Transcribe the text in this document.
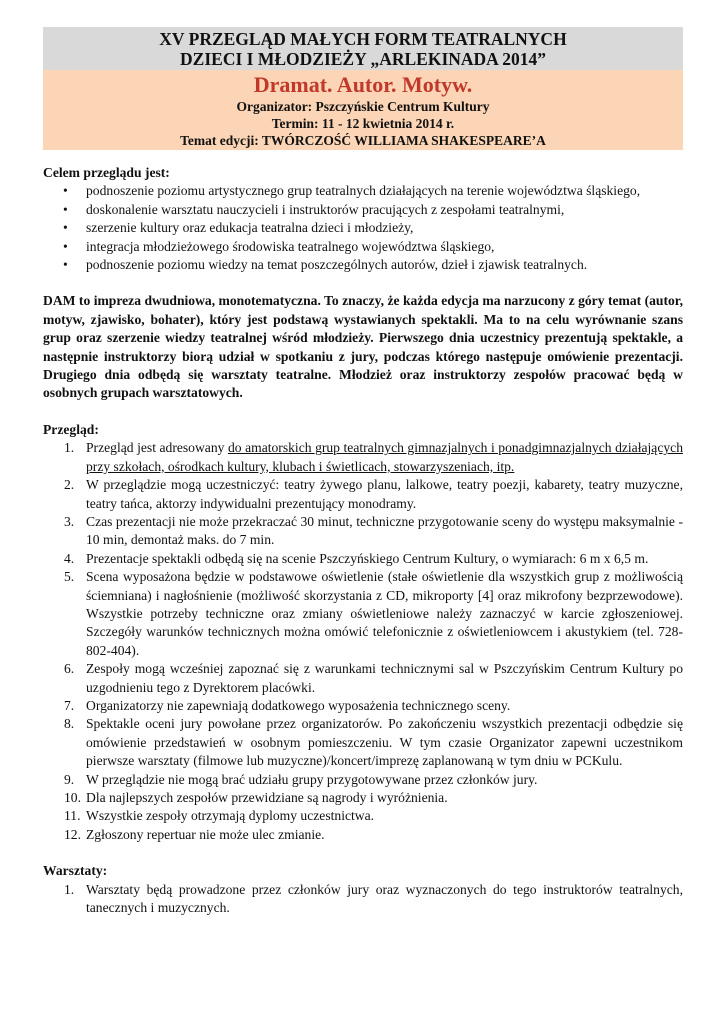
XV PRZEGLĄD MAŁYCH FORM TEATRALNYCH
DZIECI I MŁODZIEŻY „ARLEKINADA 2014”
Dramat. Autor. Motyw.
Organizator: Pszczyńskie Centrum Kultury
Termin: 11 - 12 kwietnia 2014 r.
Temat edycji: TWÓRCZOŚĆ WILLIAMA SHAKESPEARE’A

Celem przeglądu jest:

• podnoszenie poziomu artystycznego grup teatralnych działających na terenie województwa śląskiego,
• doskonalenie warsztatu nauczycieli i instruktorów pracujących z zespołami teatralnymi,
• szerzenie kultury oraz edukacja teatralna dzieci i młodzieży,
• integracja młodzieżowego środowiska teatralnego województwa śląskiego,
• podnoszenie poziomu wiedzy na temat poszczególnych autorów, dzieł i zjawisk teatralnych.

DAM to impreza dwudniowa, monotematyczna. To znaczy, że każda edycja ma narzucony z góry temat (autor, motyw, zjawisko, bohater), który jest podstawą wystawianych spektakli. Ma to na celu wyrównanie szans grup oraz szerzenie wiedzy teatralnej wśród młodzieży. Pierwszego dnia uczestnicy prezentują spektakle, a następnie instruktorzy biorą udział w spotkaniu z jury, podczas którego następuje omówienie prezentacji. Drugiego dnia odbędą się warsztaty teatralne. Młodzież oraz instruktorzy zespołów pracować będą w osobnych grupach warsztatowych.

Przegląd:

1. Przegląd jest adresowany do amatorskich grup teatralnych gimnazjalnych i ponadgimnazjalnych działających przy szkołach, ośrodkach kultury, klubach i świetlicach, stowarzyszeniach, itp.
2. W przeglądzie mogą uczestniczyć: teatry żywego planu, lalkowe, teatry poezji, kabarety, teatry muzyczne, teatry tańca, aktorzy indywidualni prezentujący monodramy.
3. Czas prezentacji nie może przekraczać 30 minut, techniczne przygotowanie sceny do występu maksymalnie - 10 min, demontaż maks. do 7 min.
4. Prezentacje spektakli odbędą się na scenie Pszczyńskiego Centrum Kultury, o wymiarach: 6 m x 6,5 m.
5. Scena wyposażona będzie w podstawowe oświetlenie (stałe oświetlenie dla wszystkich grup z możliwością ściemniana) i nagłośnienie (możliwość skorzystania z CD, mikroporty [4] oraz mikrofony bezprzewodowe). Wszystkie potrzeby techniczne oraz zmiany oświetleniowe należy zaznaczyć w karcie zgłoszeniowej. Szczegóły warunków technicznych można omówić telefonicznie z oświetleniowcem i akustykiem (tel. 728-802-404).
6. Zespoły mogą wcześniej zapoznać się z warunkami technicznymi sal w Pszczyńskim Centrum Kultury po uzgodnieniu tego z Dyrektorem placówki.
7. Organizatorzy nie zapewniają dodatkowego wyposażenia technicznego sceny.
8. Spektakle oceni jury powołane przez organizatorów. Po zakończeniu wszystkich prezentacji odbędzie się omówienie przedstawień w osobnym pomieszczeniu. W tym czasie Organizator zapewni uczestnikom pierwsze warsztaty (filmowe lub muzyczne)/koncert/imprezę zaplanowaną w tym dniu w PCKulu.
9. W przeglądzie nie mogą brać udziału grupy przygotowywane przez członków jury.
10. Dla najlepszych zespołów przewidziane są nagrody i wyróżnienia.
11. Wszystkie zespoły otrzymają dyplomy uczestnictwa.
12. Zgłoszony repertuar nie może ulec zmianie.

Warsztaty:

1. Warsztaty będą prowadzone przez członków jury oraz wyznaczonych do tego instruktorów teatralnych, tanecznych i muzycznych.
